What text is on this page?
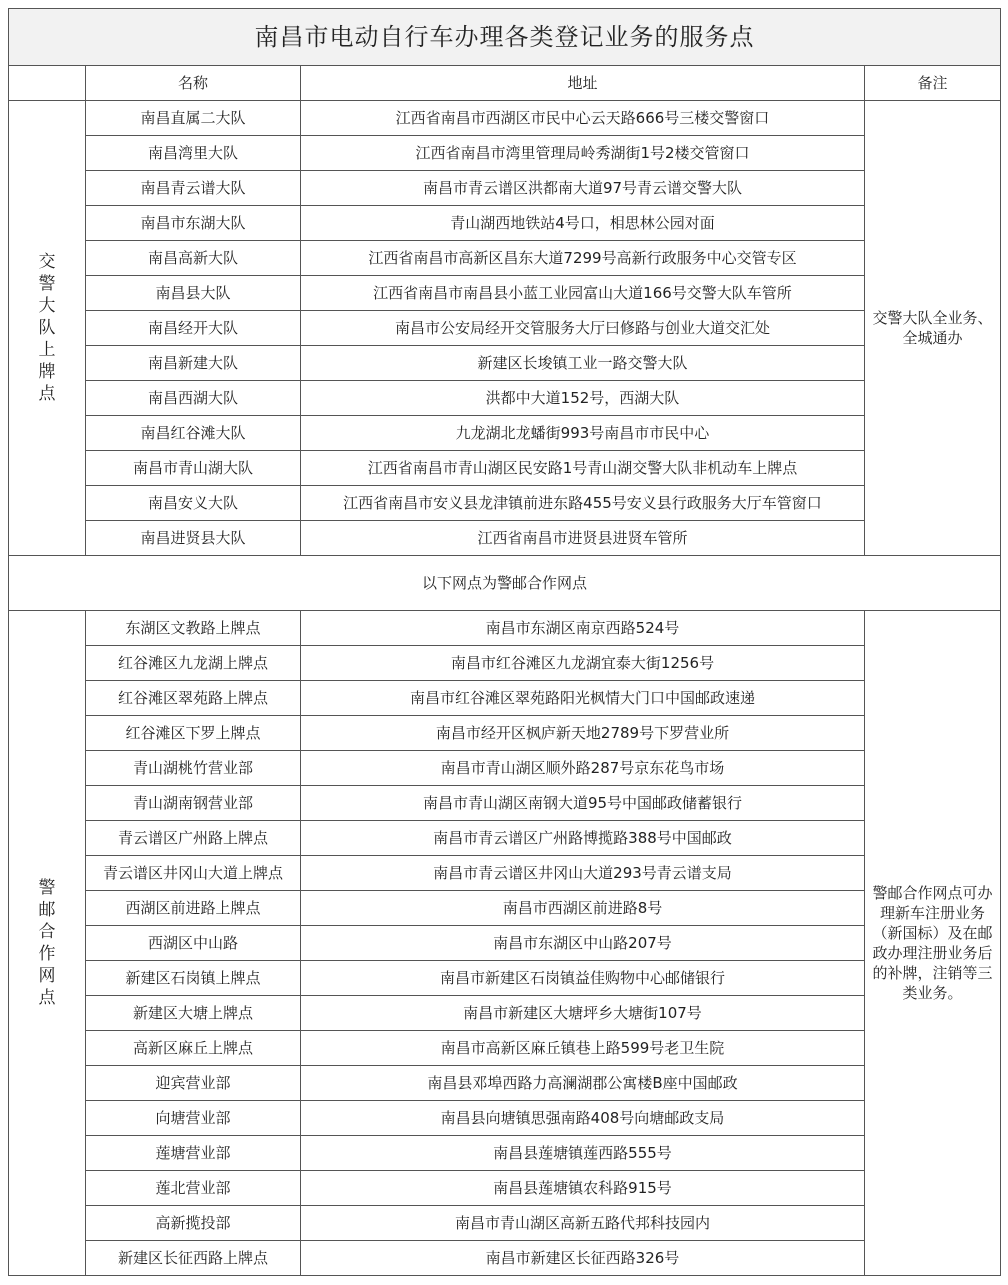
南昌市电动自行车办理各类登记业务的服务点			
	名称	地址	备注
交警大队上牌点	南昌直属二大队	江西省南昌市西湖区市民中心云天路666号三楼交警窗口	交警大队全业务、全城通办
	南昌湾里大队	江西省南昌市湾里管理局岭秀湖街1号2楼交管窗口	
	南昌青云谱大队	南昌市青云谱区洪都南大道97号青云谱交警大队	
	南昌市东湖大队	青山湖西地铁站4号口，相思林公园对面	
	南昌高新大队	江西省南昌市高新区昌东大道7299号高新行政服务中心交管专区	
	南昌县大队	江西省南昌市南昌县小蓝工业园富山大道166号交警大队车管所	
	南昌经开大队	南昌市公安局经开交管服务大厅曰修路与创业大道交汇处	
	南昌新建大队	新建区长埈镇工业一路交警大队	
	南昌西湖大队	洪都中大道152号，西湖大队	
	南昌红谷滩大队	九龙湖北龙蟠街993号南昌市市民中心	
	南昌市青山湖大队	江西省南昌市青山湖区民安路1号青山湖交警大队非机动车上牌点	
	南昌安义大队	江西省南昌市安义县龙津镇前进东路455号安义县行政服务大厅车管窗口	
	南昌进贤县大队	江西省南昌市进贤县进贤车管所	
以下网点为警邮合作网点			
警邮合作网点	东湖区文教路上牌点	南昌市东湖区南京西路524号	警邮合作网点可办理新车注册业务（新国标）及在邮政办理注册业务后的补牌，注销等三类业务。
	红谷滩区九龙湖上牌点	南昌市红谷滩区九龙湖宜泰大街1256号	
	红谷滩区翠苑路上牌点	南昌市红谷滩区翠苑路阳光枫情大门口中国邮政速递	
	红谷滩区下罗上牌点	南昌市经开区枫庐新天地2789号下罗营业所	
	青山湖桃竹营业部	南昌市青山湖区顺外路287号京东花鸟市场	
	青山湖南钢营业部	南昌市青山湖区南钢大道95号中国邮政储蓄银行	
	青云谱区广州路上牌点	南昌市青云谱区广州路博揽路388号中国邮政	
	青云谱区井冈山大道上牌点	南昌市青云谱区井冈山大道293号青云谱支局	
	西湖区前进路上牌点	南昌市西湖区前进路8号	
	西湖区中山路	南昌市东湖区中山路207号	
	新建区石岗镇上牌点	南昌市新建区石岗镇益佳购物中心邮储银行	
	新建区大塘上牌点	南昌市新建区大塘坪乡大塘街107号	
	高新区麻丘上牌点	南昌市高新区麻丘镇巷上路599号老卫生院	
	迎宾营业部	南昌县邓埠西路力高澜湖郡公寓楼B座中国邮政	
	向塘营业部	南昌县向塘镇思强南路408号向塘邮政支局	
	莲塘营业部	南昌县莲塘镇莲西路555号	
	莲北营业部	南昌县莲塘镇农科路915号	
	高新揽投部	南昌市青山湖区高新五路代邦科技园内	
	新建区长征西路上牌点	南昌市新建区长征西路326号	
